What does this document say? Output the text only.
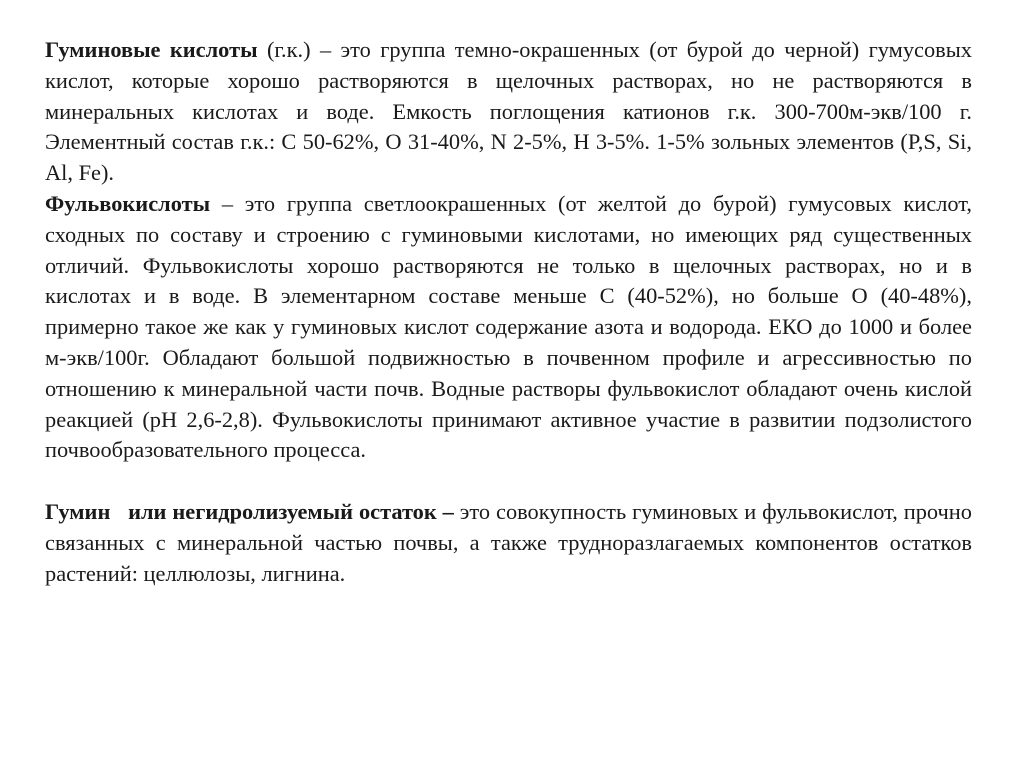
Гуминовые кислоты (г.к.) – это группа темно-окрашенных (от бурой до черной) гумусовых кислот, которые хорошо растворяются в щелочных растворах, но не растворяются в минеральных кислотах и воде. Емкость поглощения катионов г.к. 300-700м-экв/100 г. Элементный состав г.к.: С 50-62%, О 31-40%, N 2-5%, Н 3-5%. 1-5% зольных элементов (P,S, Si, Al, Fe).

Фульвокислоты – это группа светлоокрашенных (от желтой до бурой) гумусовых кислот, сходных по составу и строению с гуминовыми кислотами, но имеющих ряд существенных отличий. Фульвокислоты хорошо растворяются не только в щелочных растворах, но и в кислотах и в воде. В элементарном составе меньше С (40-52%), но больше О (40-48%), примерно такое же как у гуминовых кислот содержание азота и водорода. ЕКО до 1000 и более м-экв/100г. Обладают большой подвижностью в почвенном профиле и агрессивностью по отношению к минеральной части почв. Водные растворы фульвокислот обладают очень кислой реакцией (рН 2,6-2,8). Фульвокислоты принимают активное участие в развитии подзолистого почвообразовательного процесса.

Гумин   или негидролизуемый остаток – это совокупность гуминовых и фульвокислот, прочно связанных с минеральной частью почвы, а также трудноразлагаемых компонентов остатков растений: целлюлозы, лигнина.
